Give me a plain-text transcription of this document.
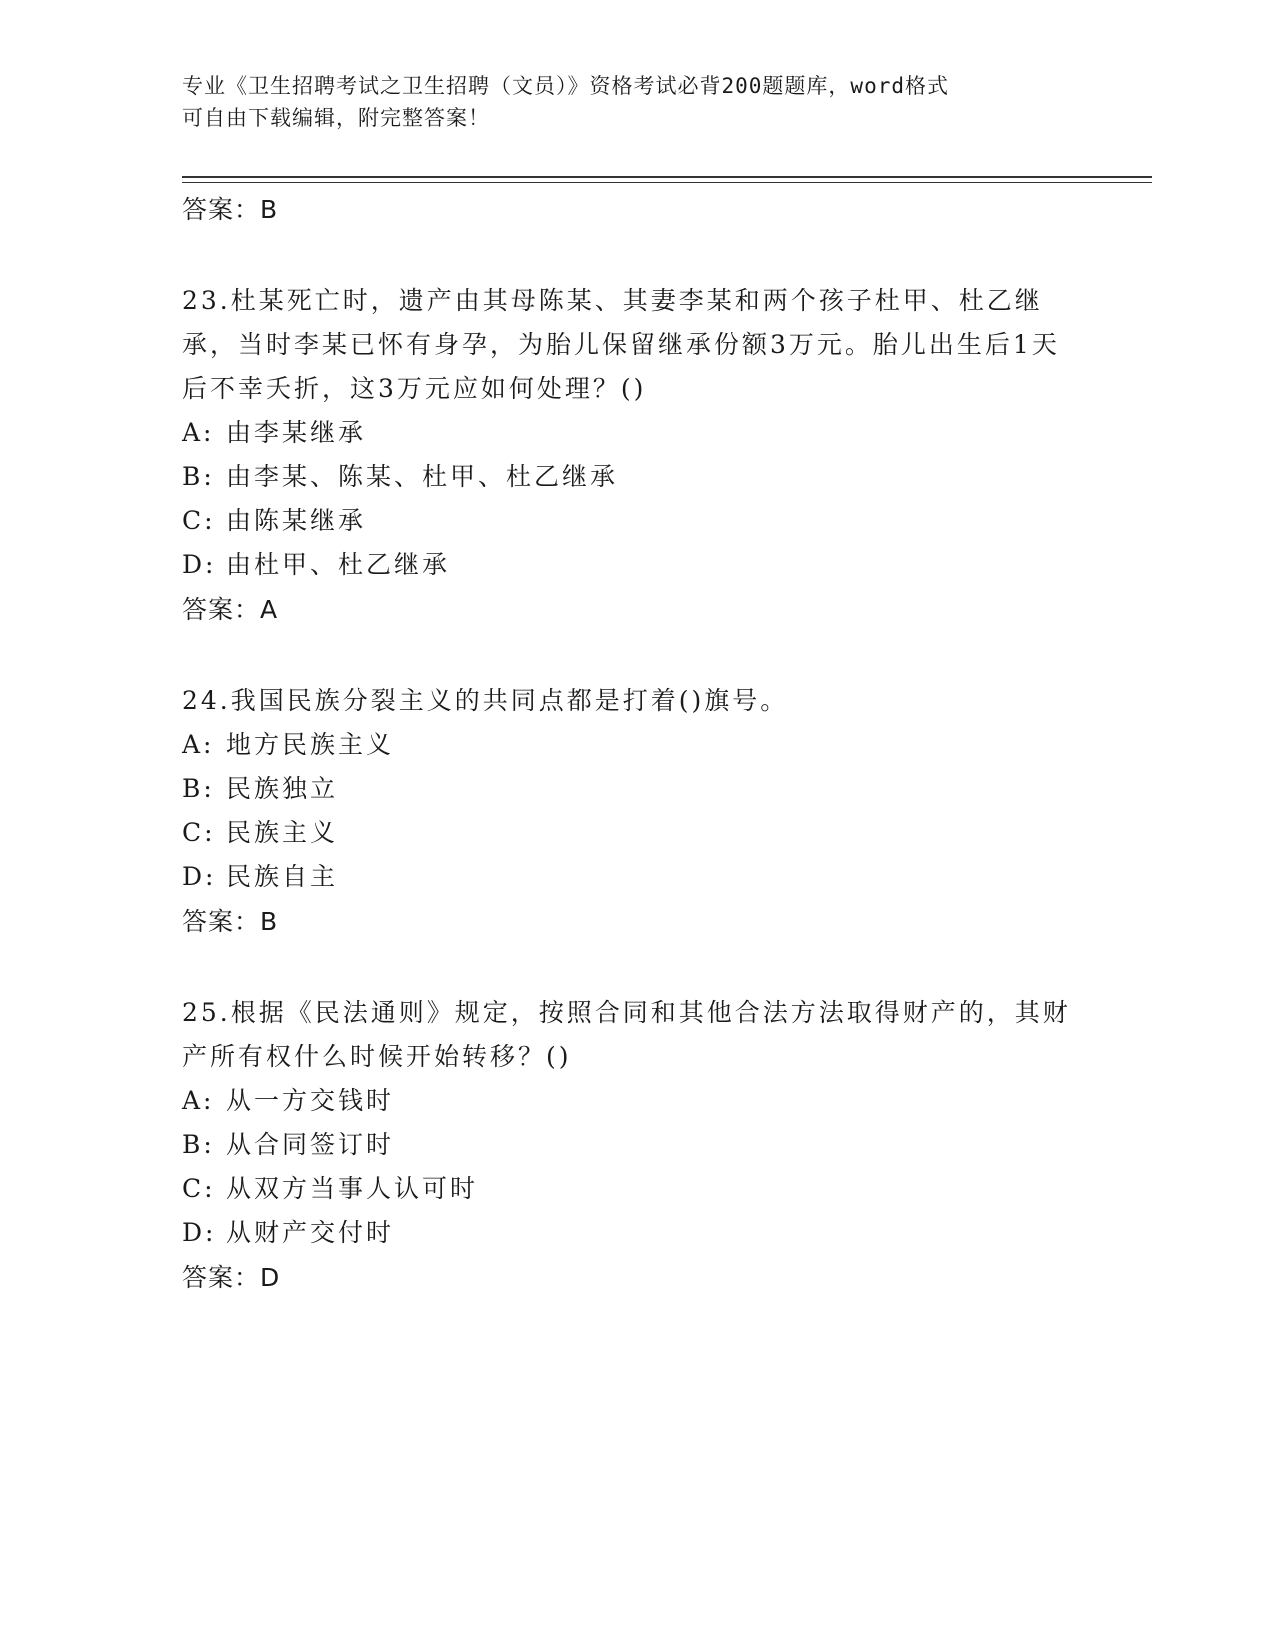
专业《卫生招聘考试之卫生招聘（文员）》资格考试必背200题题库，word格式
可自由下载编辑，附完整答案！
答案：B
23.杜某死亡时，遗产由其母陈某、其妻李某和两个孩子杜甲、杜乙继承，当时李某已怀有身孕，为胎儿保留继承份额3万元。胎儿出生后1天后不幸夭折，这3万元应如何处理？()
A: 由李某继承
B: 由李某、陈某、杜甲、杜乙继承
C: 由陈某继承
D: 由杜甲、杜乙继承
答案：A
24.我国民族分裂主义的共同点都是打着()旗号。
A: 地方民族主义
B: 民族独立
C: 民族主义
D: 民族自主
答案：B
25.根据《民法通则》规定，按照合同和其他合法方法取得财产的，其财产所有权什么时候开始转移？()
A: 从一方交钱时
B: 从合同签订时
C: 从双方当事人认可时
D: 从财产交付时
答案：D
